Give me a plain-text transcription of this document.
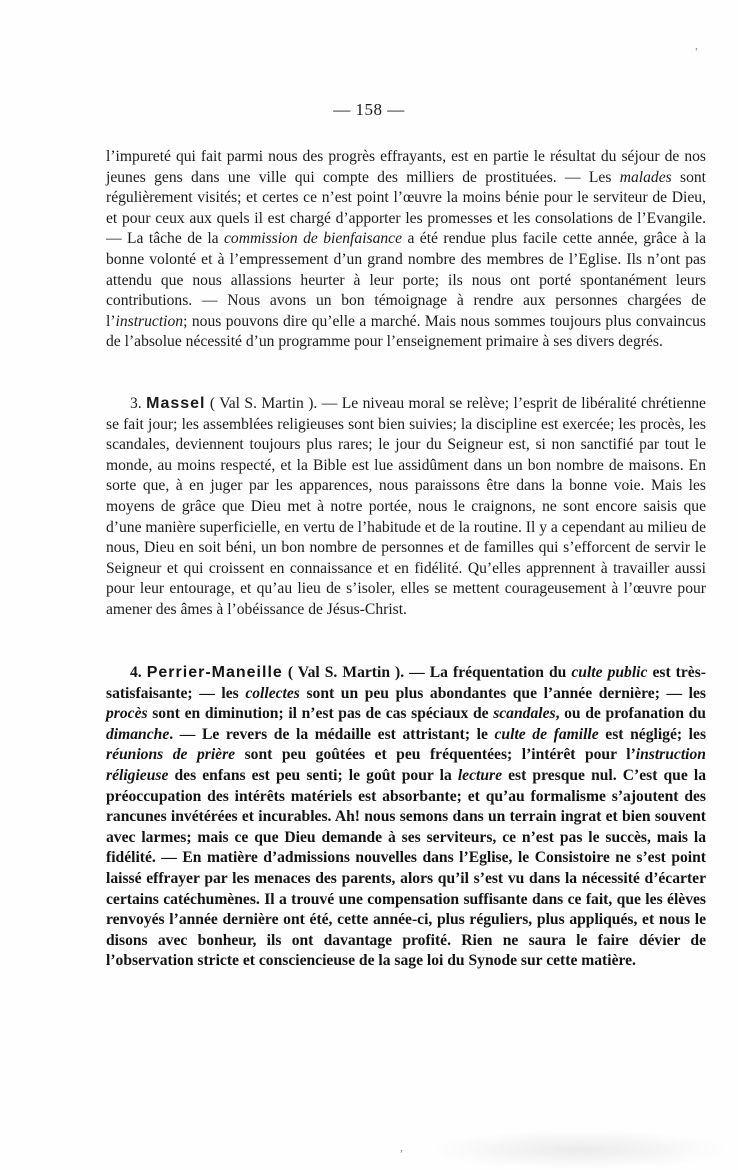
,
— 158 —
l’impureté qui fait parmi nous des progrès effrayants, est en partie le résultat du séjour de nos jeunes gens dans une ville qui compte des milliers de prostituées. — Les malades sont régulièrement visités; et certes ce n’est point l’œuvre la moins bénie pour le serviteur de Dieu, et pour ceux aux quels il est chargé d’apporter les promesses et les consolations de l’Evangile. — La tâche de la commission de bienfaisance a été rendue plus facile cette année, grâce à la bonne volonté et à l’empressement d’un grand nombre des membres de l’Eglise. Ils n’ont pas attendu que nous allassions heurter à leur porte; ils nous ont porté spontanément leurs contributions. — Nous avons un bon témoignage à rendre aux personnes chargées de l’instruction; nous pouvons dire qu’elle a marché. Mais nous sommes toujours plus convaincus de l’absolue nécessité d’un programme pour l’enseignement primaire à ses divers degrés.
3. Massel ( Val S. Martin ). — Le niveau moral se relève; l’esprit de libéralité chrétienne se fait jour; les assemblées religieuses sont bien suivies; la discipline est exercée; les procès, les scandales, deviennent toujours plus rares; le jour du Seigneur est, si non sanctifié par tout le monde, au moins respecté, et la Bible est lue assidûment dans un bon nombre de maisons. En sorte que, à en juger par les apparences, nous paraissons être dans la bonne voie. Mais les moyens de grâce que Dieu met à notre portée, nous le craignons, ne sont encore saisis que d’une manière superficielle, en vertu de l’habitude et de la routine. Il y a cependant au milieu de nous, Dieu en soit béni, un bon nombre de personnes et de familles qui s’efforcent de servir le Seigneur et qui croissent en connaissance et en fidélité. Qu’elles apprennent à travailler aussi pour leur entourage, et qu’au lieu de s’isoler, elles se mettent courageusement à l’œuvre pour amener des âmes à l’obéissance de Jésus-Christ.
4. Perrier-Maneille ( Val S. Martin ). — La fréquentation du culte public est très-satisfaisante; — les collectes sont un peu plus abondantes que l’année dernière; — les procès sont en diminution; il n’est pas de cas spéciaux de scandales, ou de profanation du dimanche. — Le revers de la médaille est attristant; le culte de famille est négligé; les réunions de prière sont peu goûtées et peu fréquentées; l’intérêt pour l’instruction réligieuse des enfans est peu senti; le goût pour la lecture est presque nul. C’est que la préoccupation des intérêts matériels est absorbante; et qu’au formalisme s’ajoutent des rancunes invétérées et incurables. Ah! nous semons dans un terrain ingrat et bien souvent avec larmes; mais ce que Dieu demande à ses serviteurs, ce n’est pas le succès, mais la fidélité. — En matière d’admissions nouvelles dans l’Eglise, le Consistoire ne s’est point laissé effrayer par les menaces des parents, alors qu’il s’est vu dans la nécessité d’écarter certains catéchumènes. Il a trouvé une compensation suffisante dans ce fait, que les élèves renvoyés l’année dernière ont été, cette année-ci, plus réguliers, plus appliqués, et nous le disons avec bonheur, ils ont davantage profité. Rien ne saura le faire dévier de l’observation stricte et consciencieuse de la sage loi du Synode sur cette matière.
,
